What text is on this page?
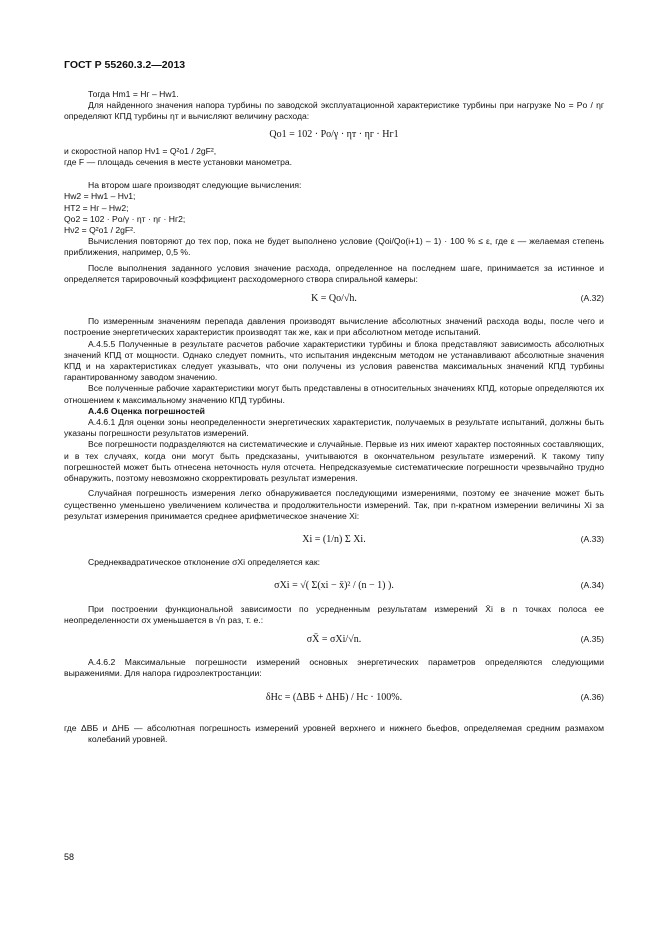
ГОСТ Р 55260.3.2—2013

Тогда Hm1 = Hг – Hw1.

Для найденного значения напора турбины по заводской эксплуатационной характеристике турбины при нагрузке Nо = Pо / ηг определяют КПД турбины ηт и вычисляют величину расхода:

Qо1 = 102 · Pо/γ · ηт · ηг · Hг1

и скоростной напор Hν1 = Q²о1 / 2gF²,

где F — площадь сечения в месте установки манометра.

На втором шаге производят следующие вычисления:

Hw2 = Hw1 – Hν1;

HT2 = Hг – Hw2;

Qо2 = 102 · Pо/γ · ηт · ηг · Hг2;

Hν2 = Q²о1 / 2gF².

Вычисления повторяют до тех пор, пока не будет выполнено условие (Qоi/Qо(i+1) – 1) · 100 % ≤ ε, где ε — желаемая степень приближения, например, 0,5 %.

После выполнения заданного условия значение расхода, определенное на последнем шаге, принимается за истинное и определяется тарировочный коэффициент расходомерного створа спиральной камеры:

K = Qо/√h.	(А.32)

По измеренным значениям перепада давления производят вычисление абсолютных значений расхода воды, после чего и построение энергетических характеристик производят так же, как и при абсолютном методе испытаний.

А.4.5.5 Полученные в результате расчетов рабочие характеристики турбины и блока представляют зависимость абсолютных значений КПД от мощности. Однако следует помнить, что испытания индексным методом не устанавливают абсолютные значения КПД и на характеристиках следует указывать, что они получены из условия равенства максимальных значений КПД турбины гарантированному заводом значению.

Все полученные рабочие характеристики могут быть представлены в относительных значениях КПД, которые определяются их отношением к максимальному значению КПД турбины.

А.4.6 Оценка погрешностей

А.4.6.1 Для оценки зоны неопределенности энергетических характеристик, получаемых в результате испытаний, должны быть указаны погрешности результатов измерений.

Все погрешности подразделяются на систематические и случайные. Первые из них имеют характер постоянных составляющих, и в тех случаях, когда они могут быть предсказаны, учитываются в окончательном результате измерений. К такому типу погрешностей может быть отнесена неточность нуля отсчета. Непредсказуемые систематические погрешности чрезвычайно трудно обнаружить, поэтому невозможно скорректировать результат измерения.

Случайная погрешность измерения легко обнаруживается последующими измерениями, поэтому ее значение может быть существенно уменьшено увеличением количества и продолжительности измерений. Так, при n-кратном измерении величины Xi за результат измерения принимается среднее арифметическое значение Xi:

Xi = (1/n) Σ Xi.	(А.33)

Среднеквадратическое отклонение σXi определяется как:

σXi = √( Σ(xi − x̄)² / (n − 1) ).	(А.34)

При построении функциональной зависимости по усредненным результатам измерений X̄i в n точках полоса ее неопределенности σx уменьшается в √n раз, т. е.:

σX̄ = σXi/√n.	(А.35)

А.4.6.2 Максимальные погрешности измерений основных энергетических параметров определяются следующими выражениями. Для напора гидроэлектростанции:

δHс = (ΔВБ + ΔНБ) / Hс · 100%.	(А.36)

где ΔВБ и ΔНБ — абсолютная погрешность измерений уровней верхнего и нижнего бьефов, определяемая средним размахом колебаний уровней.

58
